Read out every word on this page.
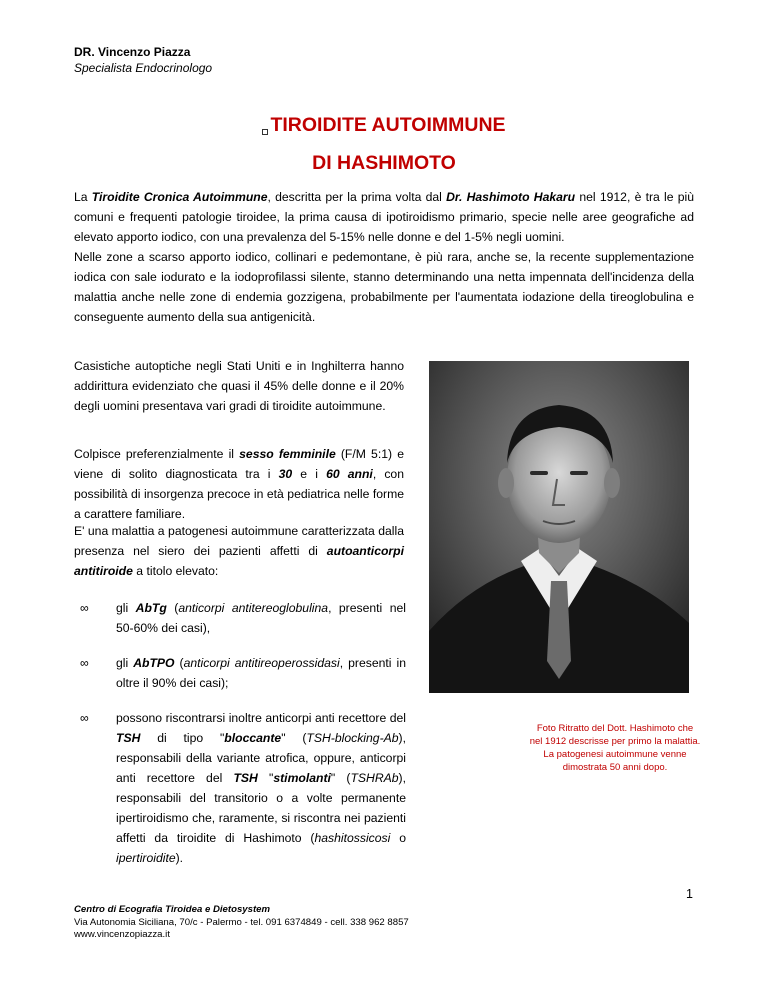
DR. Vincenzo Piazza
Specialista Endocrinologo
TIROIDITE AUTOIMMUNE
DI HASHIMOTO
La Tiroidite Cronica Autoimmune, descritta per la prima volta dal Dr. Hashimoto Hakaru nel 1912, è tra le più comuni e frequenti patologie tiroidee, la prima causa di ipotiroidismo primario, specie nelle aree geografiche ad elevato apporto iodico, con una prevalenza del 5-15% nelle donne e del 1-5% negli uomini.
Nelle zone a scarso apporto iodico, collinari e pedemontane, è più rara, anche se, la recente supplementazione iodica con sale iodurato e la iodoprofilassi silente, stanno determinando una netta impennata dell'incidenza della malattia anche nelle zone di endemia gozzigena, probabilmente per l'aumentata iodazione della tireoglobulina e conseguente aumento della sua antigenicità.
Casistiche autoptiche negli Stati Uniti e in Inghilterra hanno addirittura evidenziato che quasi il 45% delle donne e il 20% degli uomini presentava vari gradi di tiroidite autoimmune.
Colpisce preferenzialmente il sesso femminile (F/M 5:1) e viene di solito diagnosticata tra i 30 e i 60 anni, con possibilità di insorgenza precoce in età pediatrica nelle forme a carattere familiare.
E' una malattia a patogenesi autoimmune caratterizzata dalla presenza nel siero dei pazienti affetti di autoanticorpi antitiroide a titolo elevato:
∞ gli AbTg (anticorpi antitereoglobulina, presenti nel 50-60% dei casi),
∞ gli AbTPO (anticorpi antitireoperossidasi, presenti in oltre il 90% dei casi);
∞ possono riscontrarsi inoltre anticorpi anti recettore del TSH di tipo "bloccante" (TSH-blocking-Ab), responsabili della variante atrofica, oppure, anticorpi anti recettore del TSH "stimolanti" (TSHRAb), responsabili del transitorio o a volte permanente ipertiroidismo che, raramente, si riscontra nei pazienti affetti da tiroidite di Hashimoto (hashitossicosi o ipertiroidite).
Foto Ritratto del Dott. Hashimoto che
nel 1912 descrisse per primo la malattia.
La patogenesi autoimmune venne
dimostrata 50 anni dopo.
1
Centro di Ecografia Tiroidea e Dietosystem
Via Autonomia Siciliana, 70/c - Palermo - tel. 091 6374849 - cell. 338 962 8857
www.vincenzopiazza.it
